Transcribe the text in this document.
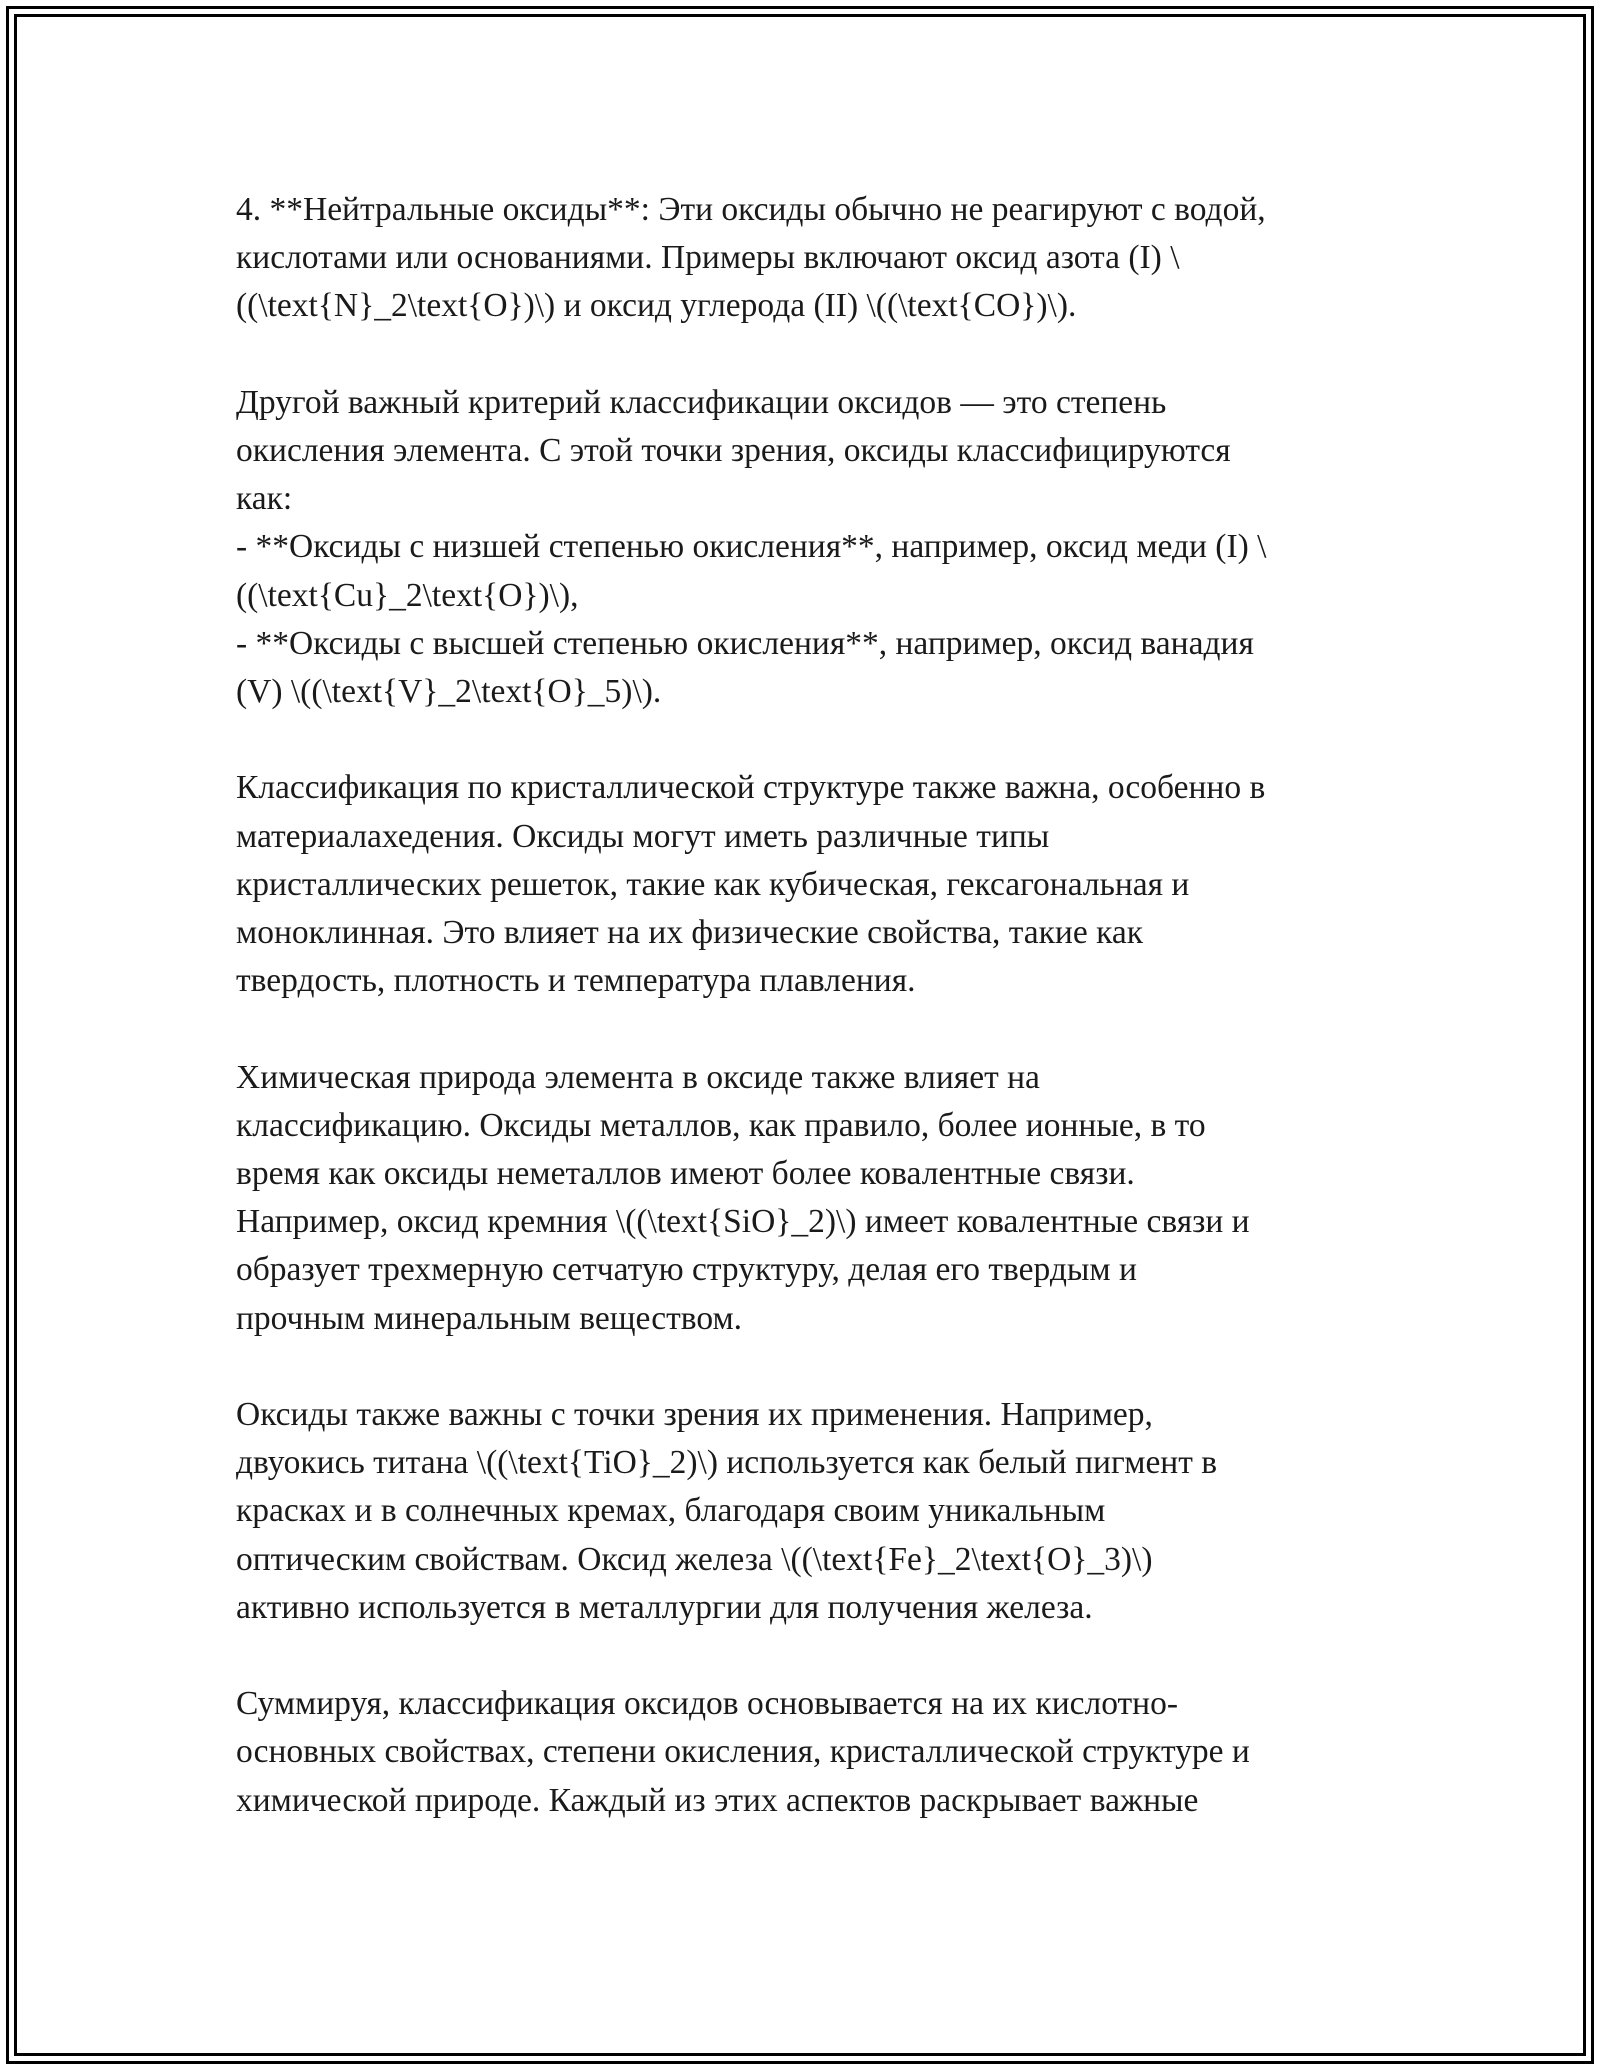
4. **Нейтральные оксиды**: Эти оксиды обычно не реагируют с водой,
кислотами или основаниями. Примеры включают оксид азота (I) \
((\text{N}_2\text{O})\) и оксид углерода (II) \((\text{CO})\).
Другой важный критерий классификации оксидов — это степень
окисления элемента. С этой точки зрения, оксиды классифицируются
как:
- **Оксиды с низшей степенью окисления**, например, оксид меди (I) \
((\text{Cu}_2\text{O})\),
- **Оксиды с высшей степенью окисления**, например, оксид ванадия
(V) \((\text{V}_2\text{O}_5)\).
Классификация по кристаллической структуре также важна, особенно в
материалахедения. Оксиды могут иметь различные типы
кристаллических решеток, такие как кубическая, гексагональная и
моноклинная. Это влияет на их физические свойства, такие как
твердость, плотность и температура плавления.
Химическая природа элемента в оксиде также влияет на
классификацию. Оксиды металлов, как правило, более ионные, в то
время как оксиды неметаллов имеют более ковалентные связи.
Например, оксид кремния \((\text{SiO}_2)\) имеет ковалентные связи и
образует трехмерную сетчатую структуру, делая его твердым и
прочным минеральным веществом.
Оксиды также важны с точки зрения их применения. Например,
двуокись титана \((\text{TiO}_2)\) используется как белый пигмент в
красках и в солнечных кремах, благодаря своим уникальным
оптическим свойствам. Оксид железа \((\text{Fe}_2\text{O}_3)\)
активно используется в металлургии для получения железа.
Суммируя, классификация оксидов основывается на их кислотно-
основных свойствах, степени окисления, кристаллической структуре и
химической природе. Каждый из этих аспектов раскрывает важные
